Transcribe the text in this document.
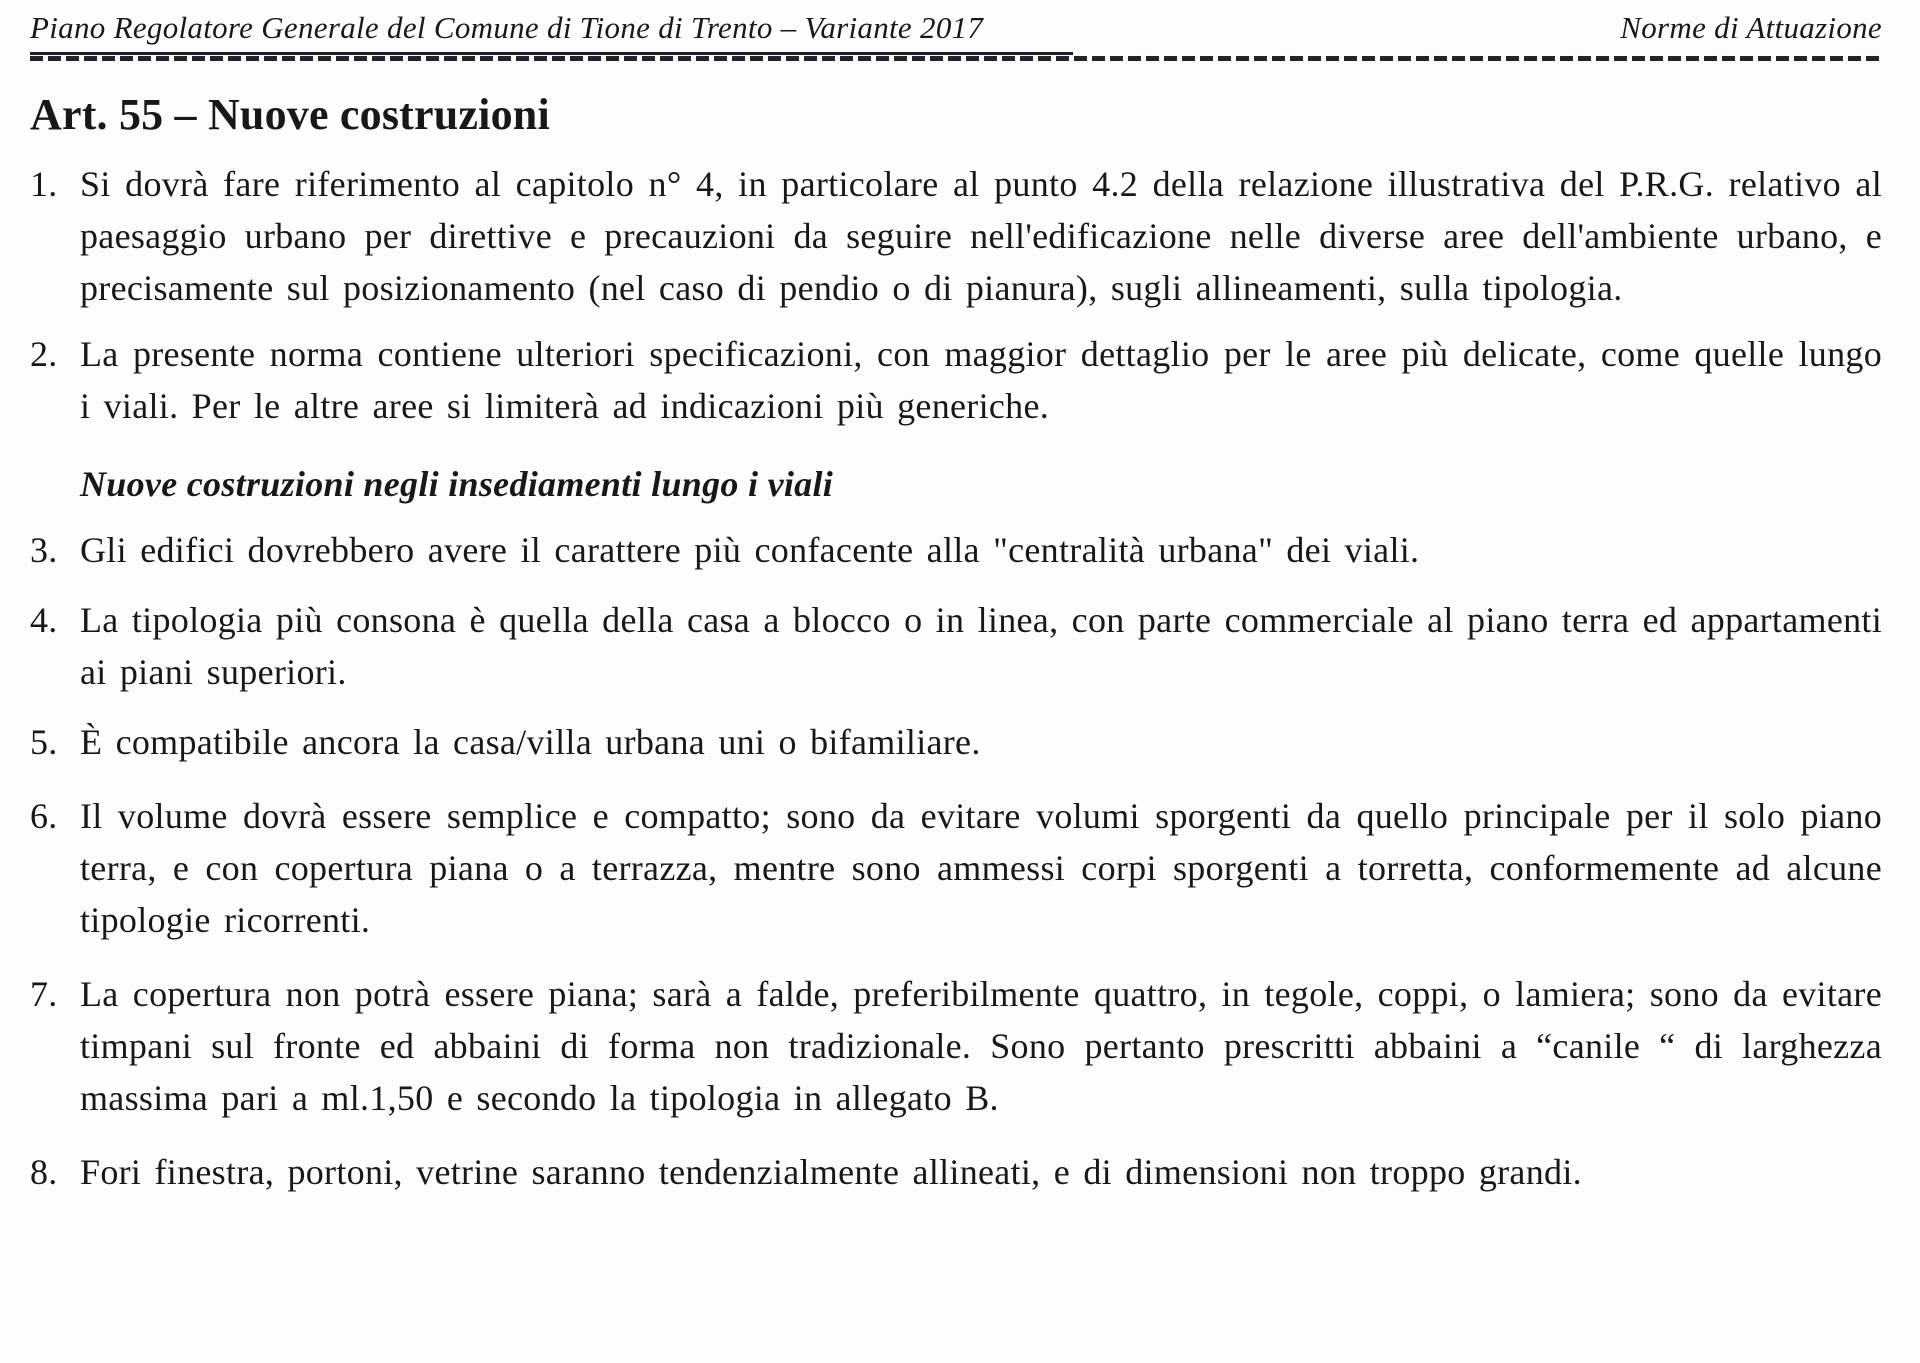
Piano Regolatore Generale del Comune di Tione di Trento – Variante 2017	Norme di Attuazione
Art. 55 – Nuove costruzioni
1. Si dovrà fare riferimento al capitolo n° 4, in particolare al punto 4.2 della relazione illustrativa del P.R.G. relativo al paesaggio urbano per direttive e precauzioni da seguire nell'edificazione nelle diverse aree dell'ambiente urbano, e precisamente sul posizionamento (nel caso di pendio o di pianura), sugli allineamenti, sulla tipologia.

2. La presente norma contiene ulteriori specificazioni, con maggior dettaglio per le aree più delicate, come quelle lungo i viali. Per le altre aree si limiterà ad indicazioni più generiche.

Nuove costruzioni negli insediamenti lungo i viali
3. Gli edifici dovrebbero avere il carattere più confacente alla "centralità urbana" dei viali.

4. La tipologia più consona è quella della casa a blocco o in linea, con parte commerciale al piano terra ed appartamenti ai piani superiori.

5. È compatibile ancora la casa/villa urbana uni o bifamiliare.

6. Il volume dovrà essere semplice e compatto; sono da evitare volumi sporgenti da quello principale per il solo piano terra, e con copertura piana o a terrazza, mentre sono ammessi corpi sporgenti a torretta, conformemente ad alcune tipologie ricorrenti.

7. La copertura non potrà essere piana; sarà a falde, preferibilmente quattro, in tegole, coppi, o lamiera; sono da evitare timpani sul fronte ed abbaini di forma non tradizionale. Sono pertanto prescritti abbaini a “canile “ di larghezza massima pari a ml.1,50 e secondo la tipologia in allegato B.

8. Fori finestra, portoni, vetrine saranno tendenzialmente allineati, e di dimensioni non troppo grandi.
